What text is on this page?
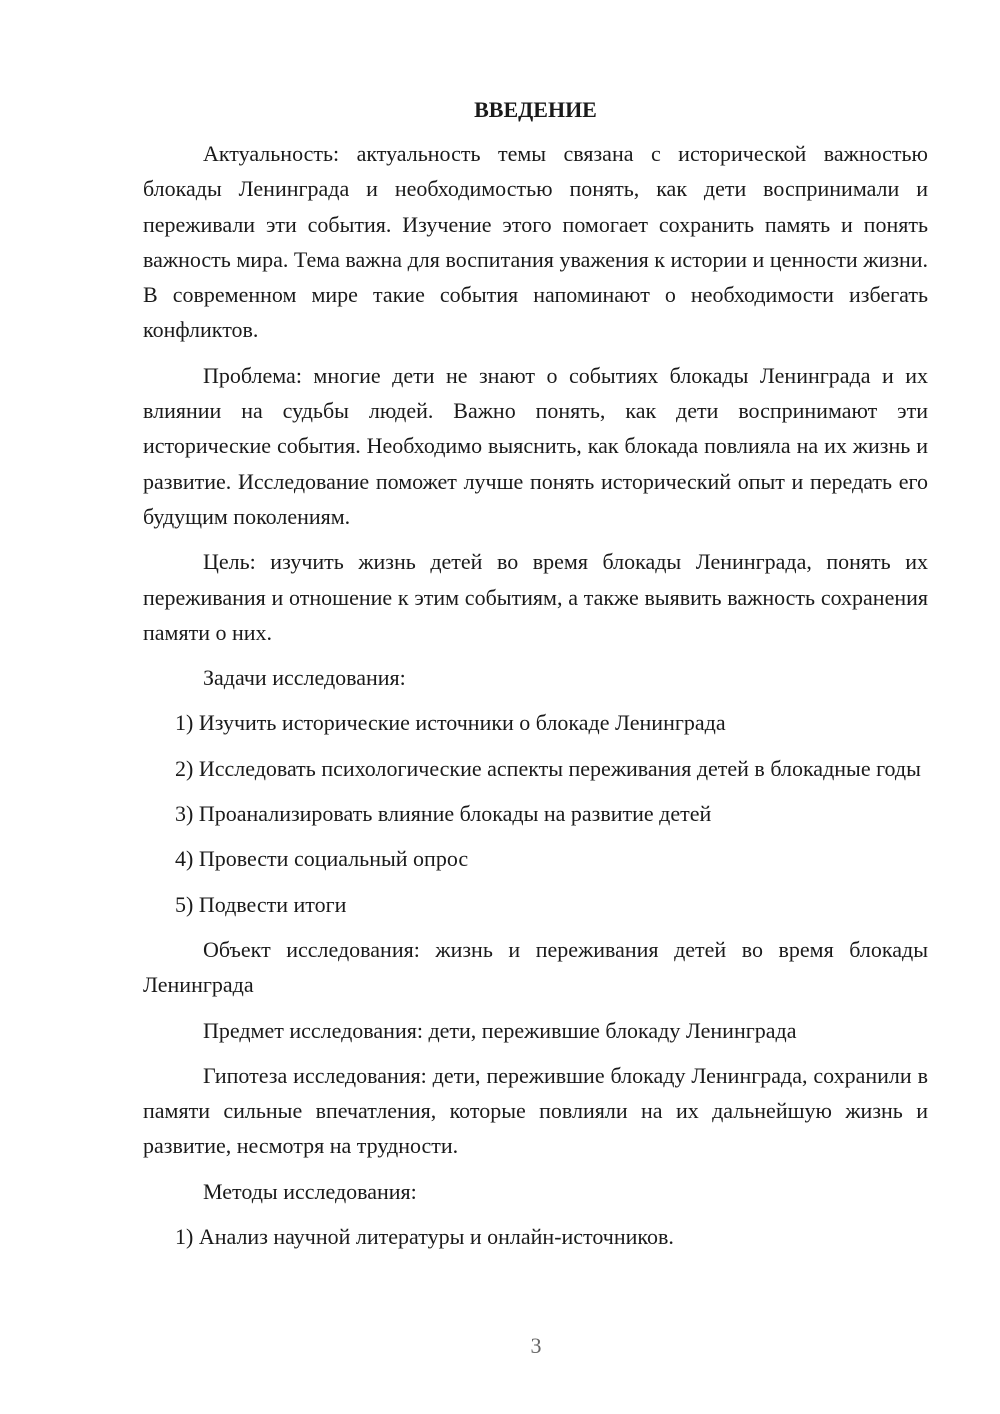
ВВЕДЕНИЕ

Актуальность: актуальность темы связана с исторической важностью блокады Ленинграда и необходимостью понять, как дети воспринимали и переживали эти события. Изучение этого помогает сохранить память и понять важность мира. Тема важна для воспитания уважения к истории и ценности жизни. В современном мире такие события напоминают о необходимости избегать конфликтов.

Проблема: многие дети не знают о событиях блокады Ленинграда и их влиянии на судьбы людей. Важно понять, как дети воспринимают эти исторические события. Необходимо выяснить, как блокада повлияла на их жизнь и развитие. Исследование поможет лучше понять исторический опыт и передать его будущим поколениям.

Цель: изучить жизнь детей во время блокады Ленинграда, понять их переживания и отношение к этим событиям, а также выявить важность сохранения памяти о них.

Задачи исследования:

1) Изучить исторические источники о блокаде Ленинграда

2) Исследовать психологические аспекты переживания детей в блокадные годы

3) Проанализировать влияние блокады на развитие детей

4) Провести социальный опрос

5) Подвести итоги

Объект исследования: жизнь и переживания детей во время блокады Ленинграда

Предмет исследования: дети, пережившие блокаду Ленинграда

Гипотеза исследования: дети, пережившие блокаду Ленинграда, сохранили в памяти сильные впечатления, которые повлияли на их дальнейшую жизнь и развитие, несмотря на трудности.

Методы исследования:

1) Анализ научной литературы и онлайн-источников.

3
